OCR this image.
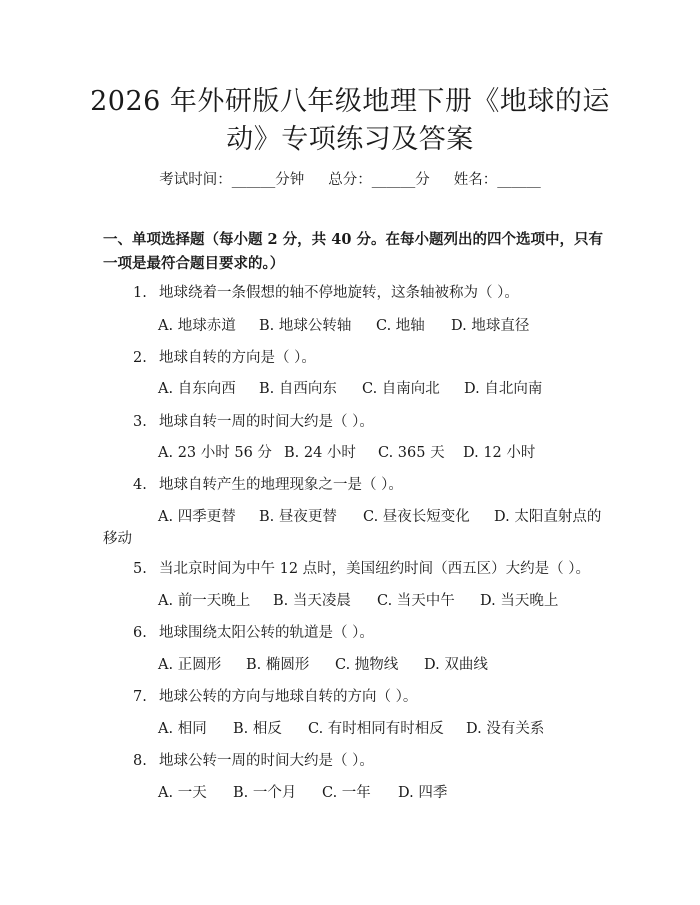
2026 年外研版八年级地理下册《地球的运
动》专项练习及答案
考试时间：______分钟 总分：______分 姓名：______
一、单项选择题（每小题 2 分，共 40 分。在每小题列出的四个选项中，只有一项是最符合题目要求的。）
1. 地球绕着一条假想的轴不停地旋转，这条轴被称为（ ）。
A. 地球赤道 B. 地球公转轴 C. 地轴 D. 地球直径
2. 地球自转的方向是（ ）。
A. 自东向西 B. 自西向东 C. 自南向北 D. 自北向南
3. 地球自转一周的时间大约是（ ）。
A. 23 小时 56 分 B. 24 小时 C. 365 天 D. 12 小时
4. 地球自转产生的地理现象之一是（ ）。
A. 四季更替 B. 昼夜更替 C. 昼夜长短变化 D. 太阳直射点的
移动
5. 当北京时间为中午 12 点时，美国纽约时间（西五区）大约是（ ）。
A. 前一天晚上 B. 当天凌晨 C. 当天中午 D. 当天晚上
6. 地球围绕太阳公转的轨道是（ ）。
A. 正圆形 B. 椭圆形 C. 抛物线 D. 双曲线
7. 地球公转的方向与地球自转的方向（ ）。
A. 相同 B. 相反 C. 有时相同有时相反 D. 没有关系
8. 地球公转一周的时间大约是（ ）。
A. 一天 B. 一个月 C. 一年 D. 四季
